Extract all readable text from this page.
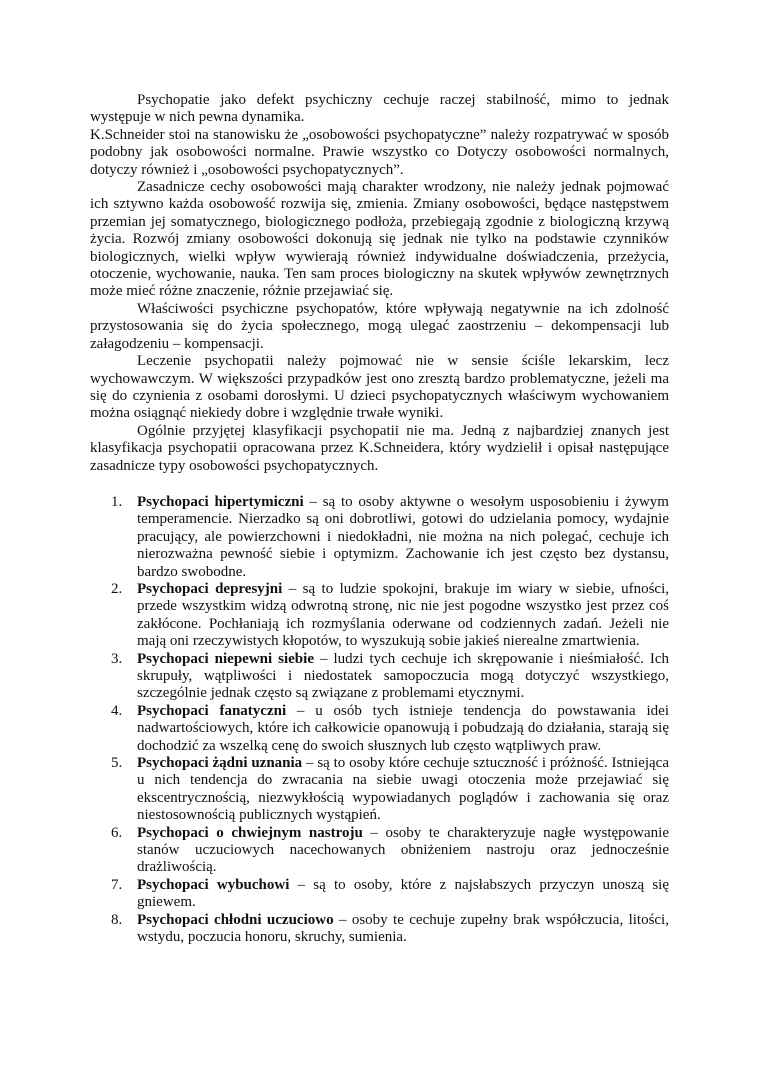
Psychopatie jako defekt psychiczny cechuje raczej stabilność, mimo to jednak występuje w nich pewna dynamika.

K.Schneider stoi na stanowisku że „osobowości psychopatyczne” należy rozpatrywać w sposób podobny jak osobowości normalne. Prawie wszystko co Dotyczy osobowości normalnych, dotyczy również i „osobowości psychopatycznych”.

Zasadnicze cechy osobowości mają charakter wrodzony, nie należy jednak pojmować ich sztywno każda osobowość rozwija się, zmienia. Zmiany osobowości, będące następstwem przemian jej somatycznego, biologicznego podłoża, przebiegają zgodnie z biologiczną krzywą życia. Rozwój zmiany osobowości dokonują się jednak nie tylko na podstawie czynników biologicznych, wielki wpływ wywierają również indywidualne doświadczenia, przeżycia, otoczenie, wychowanie, nauka. Ten sam proces biologiczny na skutek wpływów zewnętrznych może mieć różne znaczenie, różnie przejawiać się.

Właściwości psychiczne psychopatów, które wpływają negatywnie na ich zdolność przystosowania się do życia społecznego, mogą ulegać zaostrzeniu – dekompensacji lub załagodzeniu – kompensacji.

Leczenie psychopatii należy pojmować nie w sensie ściśle lekarskim, lecz wychowawczym. W większości przypadków jest ono zresztą bardzo problematyczne, jeżeli ma się do czynienia z osobami dorosłymi. U dzieci psychopatycznych właściwym wychowaniem można osiągnąć niekiedy dobre i względnie trwałe wyniki.

Ogólnie przyjętej klasyfikacji psychopatii nie ma. Jedną z najbardziej znanych jest klasyfikacja psychopatii opracowana przez K.Schneidera, który wydzielił i opisał następujące zasadnicze typy osobowości psychopatycznych.

1. Psychopaci hipertymiczni – są to osoby aktywne o wesołym usposobieniu i żywym temperamencie. Nierzadko są oni dobrotliwi, gotowi do udzielania pomocy, wydajnie pracujący, ale powierzchowni i niedokładni, nie można na nich polegać, cechuje ich nierozważna pewność siebie i optymizm. Zachowanie ich jest często bez dystansu, bardzo swobodne.
2. Psychopaci depresyjni – są to ludzie spokojni, brakuje im wiary w siebie, ufności, przede wszystkim widzą odwrotną stronę, nic nie jest pogodne wszystko jest przez coś zakłócone. Pochłaniają ich rozmyślania oderwane od codziennych zadań. Jeżeli nie mają oni rzeczywistych kłopotów, to wyszukują sobie jakieś nierealne zmartwienia.
3. Psychopaci niepewni siebie – ludzi tych cechuje ich skrępowanie i nieśmiałość. Ich skrupuły, wątpliwości i niedostatek samopoczucia mogą dotyczyć wszystkiego, szczególnie jednak często są związane z problemami etycznymi.
4. Psychopaci fanatyczni – u osób tych istnieje tendencja do powstawania idei nadwartościowych, które ich całkowicie opanowują i pobudzają do działania, starają się dochodzić za wszelką cenę do swoich słusznych lub często wątpliwych praw.
5. Psychopaci żądni uznania – są to osoby które cechuje sztuczność i próżność. Istniejąca u nich tendencja do zwracania na siebie uwagi otoczenia może przejawiać się ekscentrycznością, niezwykłością wypowiadanych poglądów i zachowania się oraz niestosownością publicznych wystąpień.
6. Psychopaci o chwiejnym nastroju – osoby te charakteryzuje nagłe występowanie stanów uczuciowych nacechowanych obniżeniem nastroju oraz jednocześnie drażliwością.
7. Psychopaci wybuchowi – są to osoby, które z najsłabszych przyczyn unoszą się gniewem.
8. Psychopaci chłodni uczuciowo – osoby te cechuje zupełny brak współczucia, litości, wstydu, poczucia honoru, skruchy, sumienia.
